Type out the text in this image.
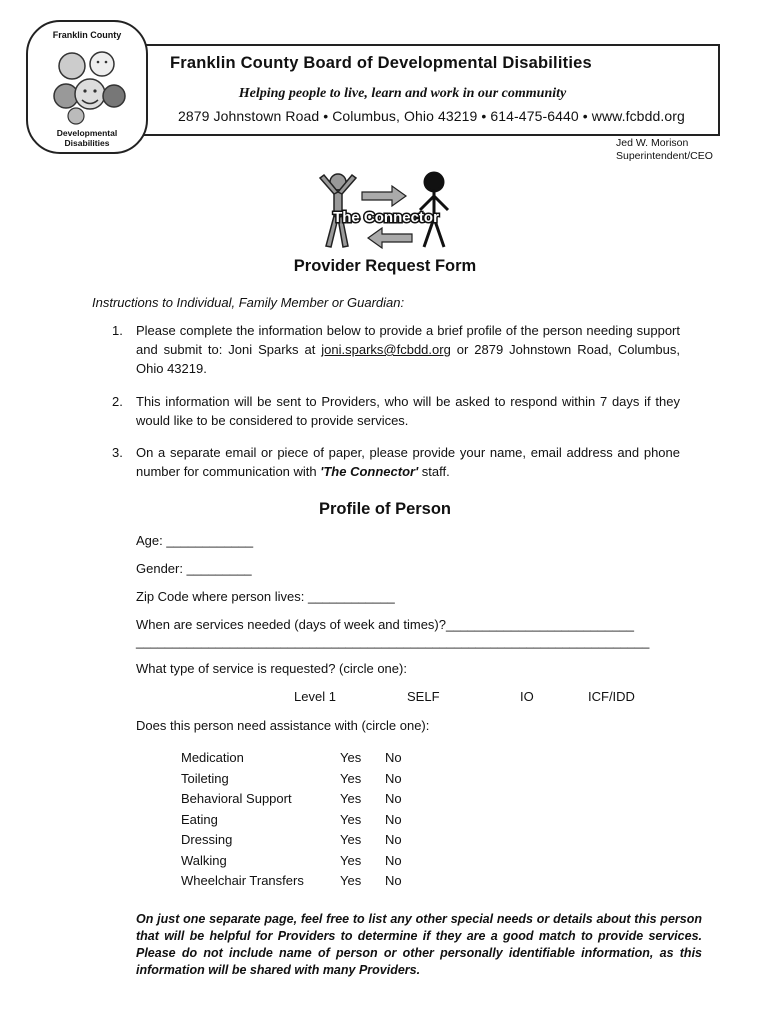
Franklin County
Developmental
Disabilities
Franklin County Board of Developmental Disabilities
Helping people to live, learn and work in our community
2879 Johnstown Road • Columbus, Ohio 43219 • 614-475-6440 • www.fcbdd.org
Jed W. Morison
Superintendent/CEO
The Connector
Provider Request Form
Instructions to Individual, Family Member or Guardian:
1. Please complete the information below to provide a brief profile of the person needing support and submit to: Joni Sparks at joni.sparks@fcbdd.org or 2879 Johnstown Road, Columbus, Ohio 43219.
2. This information will be sent to Providers, who will be asked to respond within 7 days if they would like to be considered to provide services.
3. On a separate email or piece of paper, please provide your name, email address and phone number for communication with 'The Connector' staff.
Profile of Person
Age: ____________
Gender: _________
Zip Code where person lives: ____________
When are services needed (days of week and times)?__________________________
_______________________________________________________________________
What type of service is requested? (circle one):
Level 1	SELF	IO	ICF/IDD
Does this person need assistance with (circle one):
Medication	Yes No
Toileting	Yes No
Behavioral Support	Yes No
Eating	Yes No
Dressing	Yes No
Walking	Yes No
Wheelchair Transfers	Yes No
On just one separate page, feel free to list any other special needs or details about this person that will be helpful for Providers to determine if they are a good match to provide services. Please do not include name of person or other personally identifiable information, as this information will be shared with many Providers.
